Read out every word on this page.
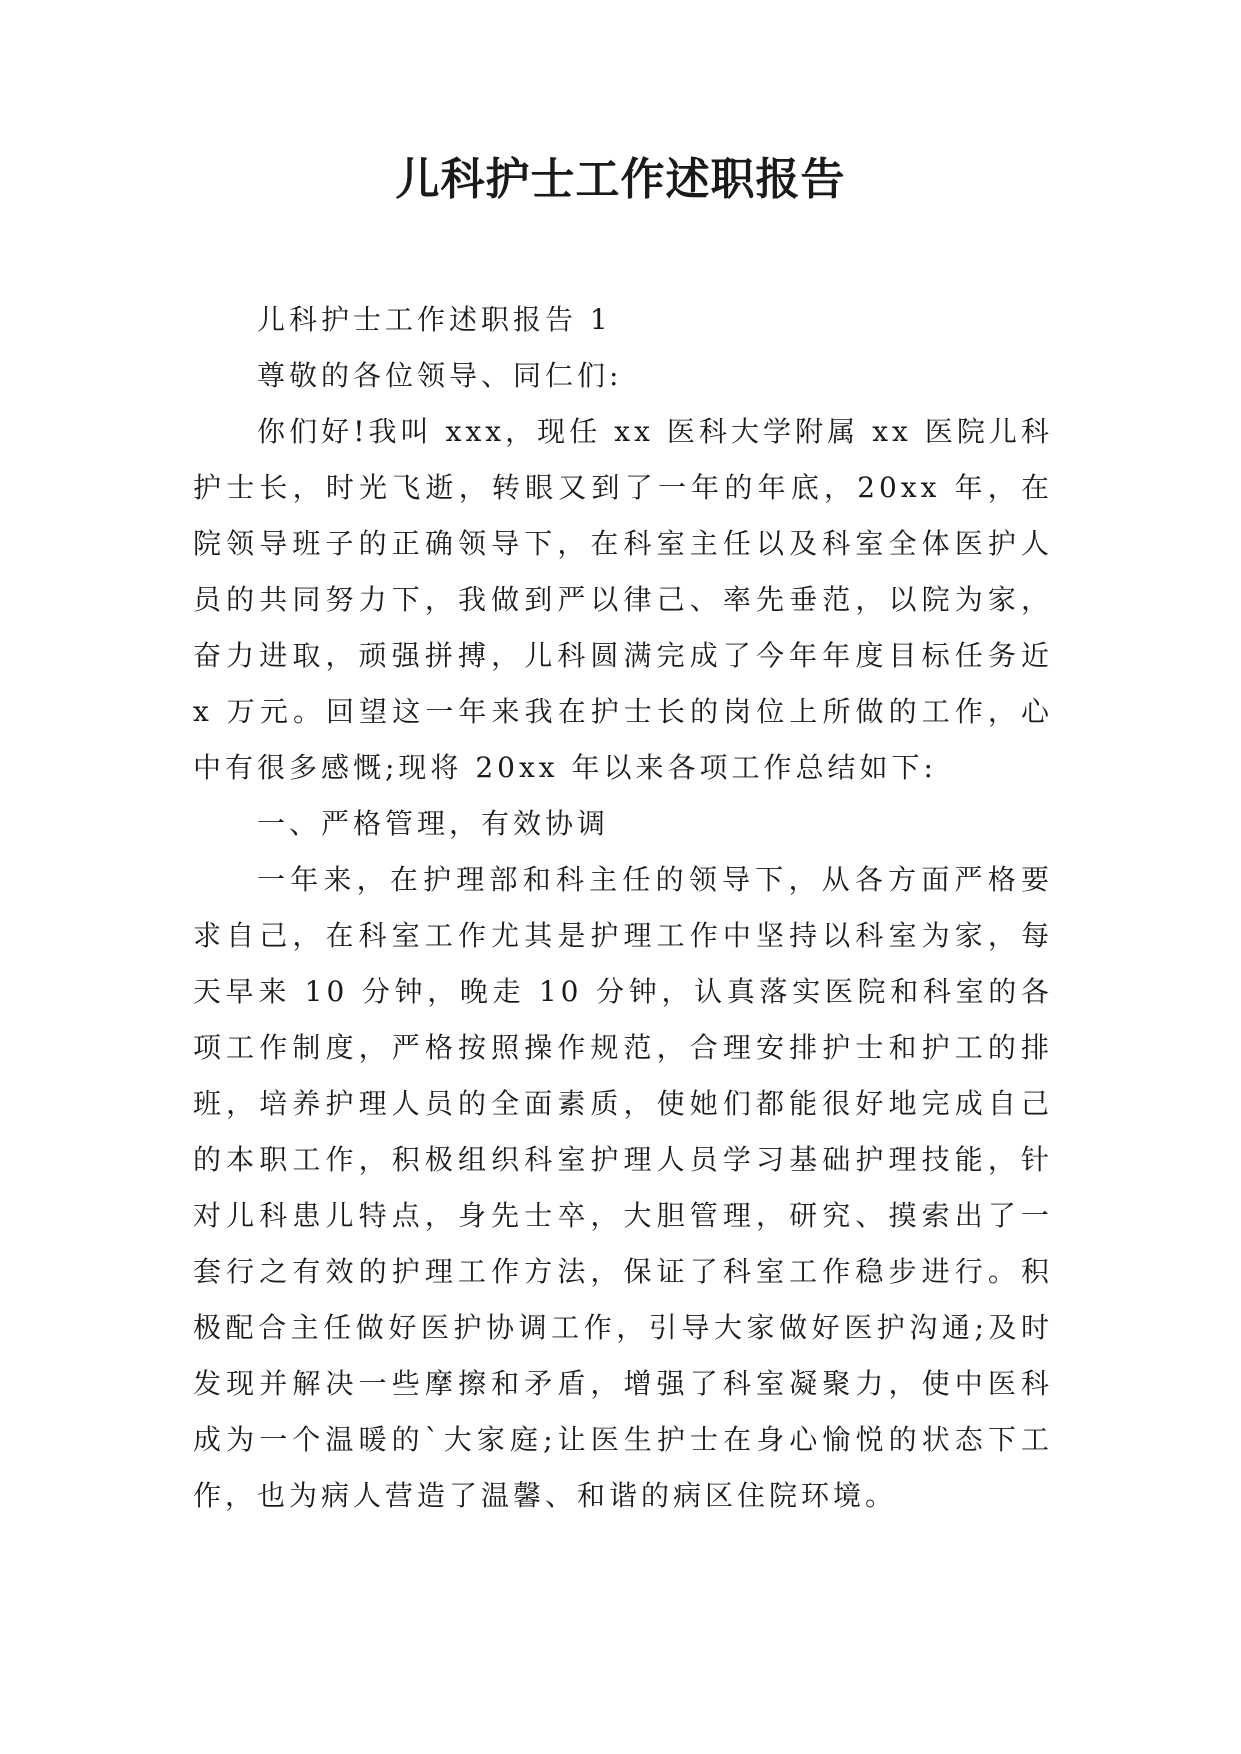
儿科护士工作述职报告

儿科护士工作述职报告 1

尊敬的各位领导、同仁们:

你们好!我叫 xxx，现任 xx 医科大学附属 xx 医院儿科护士长，时光飞逝，转眼又到了一年的年底，20xx 年，在院领导班子的正确领导下，在科室主任以及科室全体医护人员的共同努力下，我做到严以律己、率先垂范，以院为家，奋力进取，顽强拼搏，儿科圆满完成了今年年度目标任务近 x 万元。回望这一年来我在护士长的岗位上所做的工作，心中有很多感慨;现将 20xx 年以来各项工作总结如下:

一、严格管理，有效协调

一年来，在护理部和科主任的领导下，从各方面严格要求自己，在科室工作尤其是护理工作中坚持以科室为家，每天早来 10 分钟，晚走 10 分钟，认真落实医院和科室的各项工作制度，严格按照操作规范，合理安排护士和护工的排班，培养护理人员的全面素质，使她们都能很好地完成自己的本职工作，积极组织科室护理人员学习基础护理技能，针对儿科患儿特点，身先士卒，大胆管理，研究、摸索出了一套行之有效的护理工作方法，保证了科室工作稳步进行。积极配合主任做好医护协调工作，引导大家做好医护沟通;及时发现并解决一些摩擦和矛盾，增强了科室凝聚力，使中医科成为一个温暖的`大家庭;让医生护士在身心愉悦的状态下工作，也为病人营造了温馨、和谐的病区住院环境。
